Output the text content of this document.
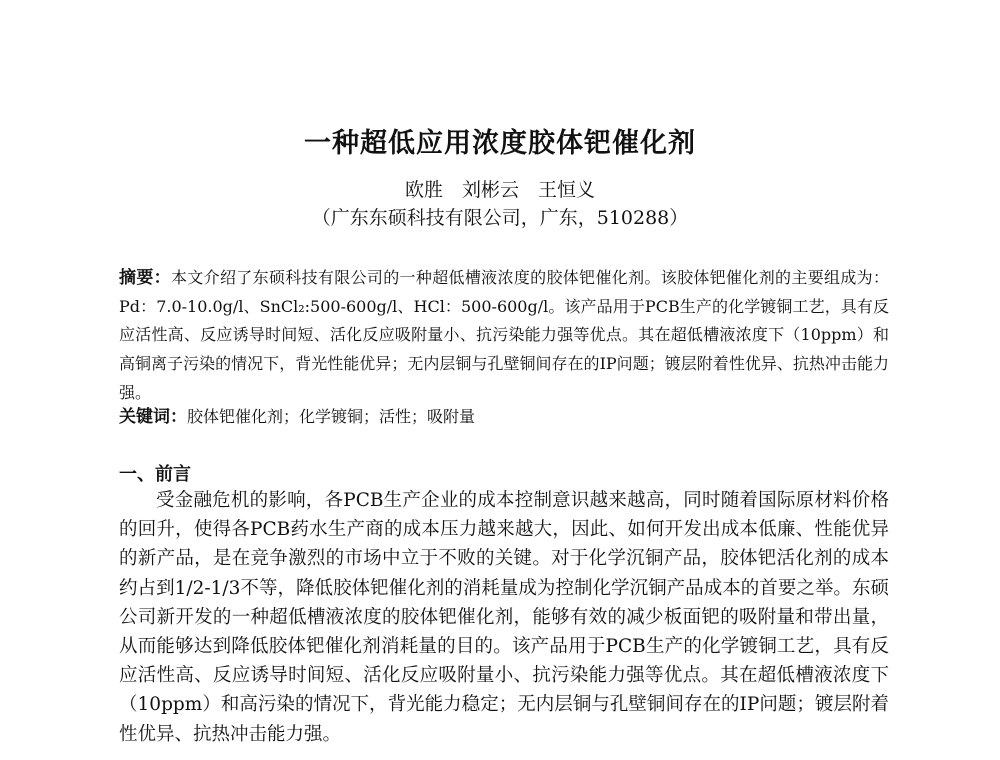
一种超低应用浓度胶体钯催化剂
欧胜　刘彬云　王恒义
（广东东硕科技有限公司，广东，510288）
摘要：本文介绍了东硕科技有限公司的一种超低槽液浓度的胶体钯催化剂。该胶体钯催化剂的主要组成为：Pd：7.0-10.0g/l、SnCl₂:500-600g/l、HCl：500-600g/l。该产品用于PCB生产的化学镀铜工艺，具有反应活性高、反应诱导时间短、活化反应吸附量小、抗污染能力强等优点。其在超低槽液浓度下（10ppm）和高铜离子污染的情况下，背光性能优异；无内层铜与孔壁铜间存在的IP问题；镀层附着性优异、抗热冲击能力强。
关键词：胶体钯催化剂；化学镀铜；活性；吸附量
一、前言

受金融危机的影响，各PCB生产企业的成本控制意识越来越高，同时随着国际原材料价格的回升，使得各PCB药水生产商的成本压力越来越大，因此、如何开发出成本低廉、性能优异的新产品，是在竞争激烈的市场中立于不败的关键。对于化学沉铜产品，胶体钯活化剂的成本约占到1/2-1/3不等，降低胶体钯催化剂的消耗量成为控制化学沉铜产品成本的首要之举。东硕公司新开发的一种超低槽液浓度的胶体钯催化剂，能够有效的减少板面钯的吸附量和带出量，从而能够达到降低胶体钯催化剂消耗量的目的。该产品用于PCB生产的化学镀铜工艺，具有反应活性高、反应诱导时间短、活化反应吸附量小、抗污染能力强等优点。其在超低槽液浓度下（10ppm）和高污染的情况下，背光能力稳定；无内层铜与孔壁铜间存在的IP问题；镀层附着性优异、抗热冲击能力强。
